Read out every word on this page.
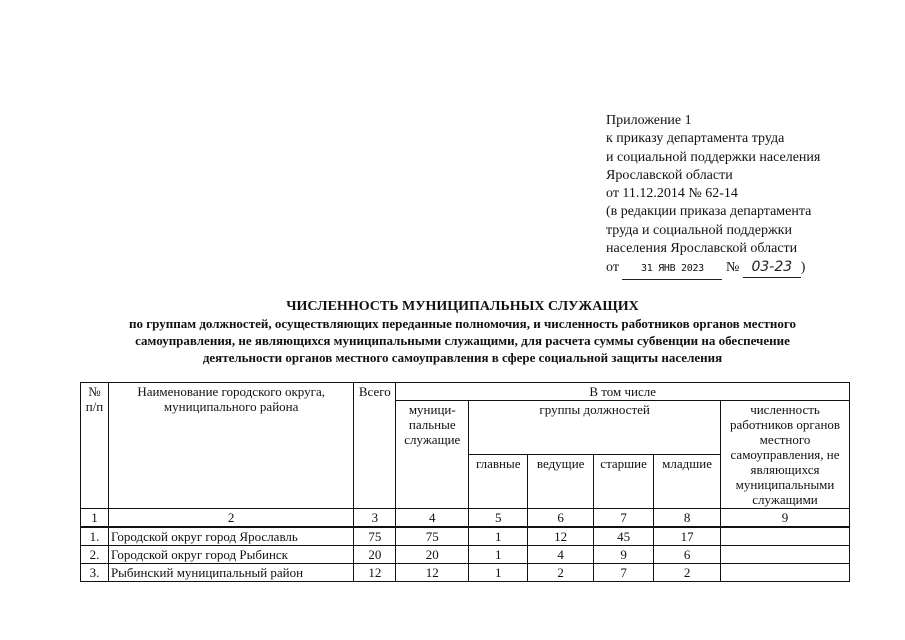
Приложение 1
к приказу департамента труда
и социальной поддержки населения
Ярославской области
от 11.12.2014 № 62-14
(в редакции приказа департамента
труда и социальной поддержки
населения Ярославской области
от 31 ЯНВ 2023 № 03-23 )
ЧИСЛЕННОСТЬ МУНИЦИПАЛЬНЫХ СЛУЖАЩИХ
по группам должностей, осуществляющих переданные полномочия, и численность работников органов местного
самоуправления, не являющихся муниципальными служащими, для расчета суммы субвенции на обеспечение
деятельности органов местного самоуправления в сфере социальной защиты населения
№ п/п	Наименование городского округа, муниципального района	Всего	В том числе					
			муници-пальные служащие	группы должностей				численность работников органов местного самоуправления, не являющихся муниципальными служащими
				главные	ведущие	старшие	младшие	
1	2	3	4	5	6	7	8	9
1.	Городской округ город Ярославль	75	75	1	12	45	17	
2.	Городской округ город Рыбинск	20	20	1	4	9	6	
3.	Рыбинский муниципальный район	12	12	1	2	7	2	
